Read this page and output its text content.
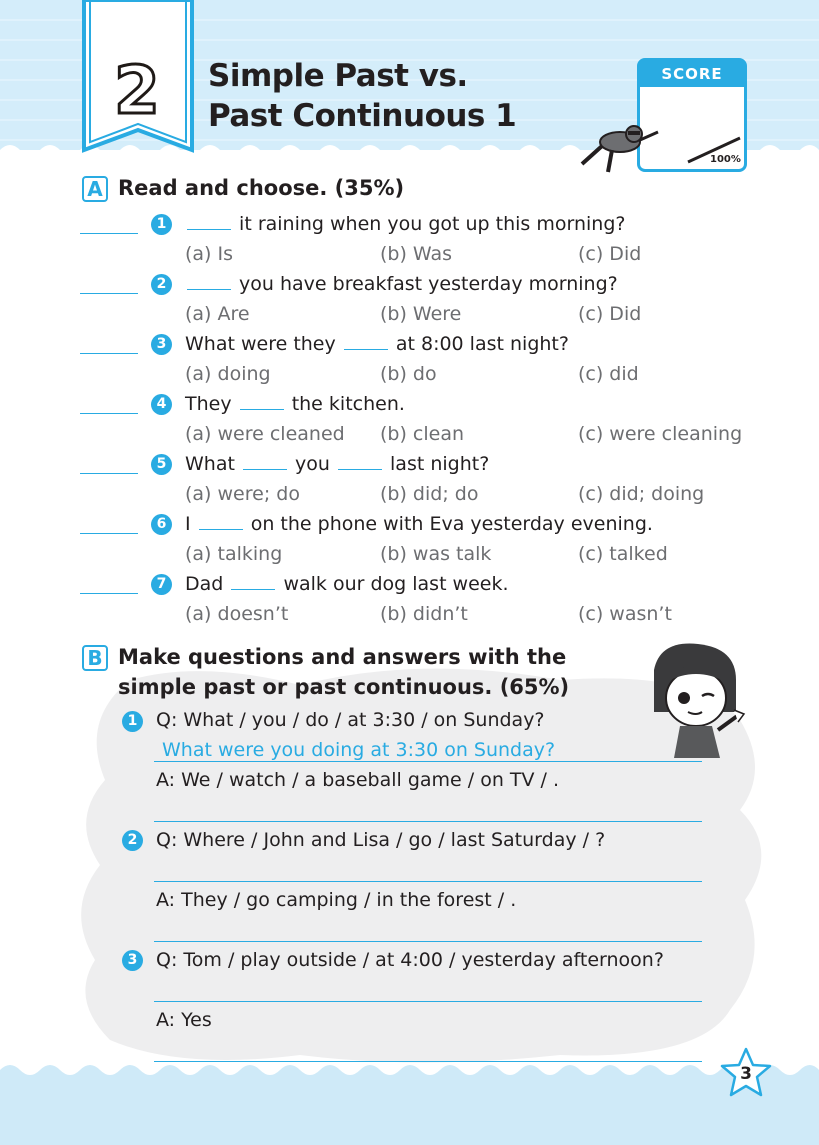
2	Simple Past vs.
Past Continuous 1
SCORE
100%
A Read and choose. (35%)
1	it raining when you got up this morning?
(a) Is	(b) Was	(c) Did
2	you have breakfast yesterday morning?
(a) Are	(b) Were	(c) Did
3 What were they	at 8:00 last night?
(a) doing	(b) do	(c) did
4 They	the kitchen.
(a) were cleaned (b) clean	(c) were cleaning
5 What	you	last night?
(a) were; do	(b) did; do	(c) did; doing
6 I	on the phone with Eva yesterday evening.
(a) talking	(b) was talk	(c) talked
7 Dad	walk our dog last week.
(a) doesn’t	(b) didn’t	(c) wasn’t
B Make questions and answers with the
simple past or past continuous. (65%)
1 Q: What / you / do / at 3:30 / on Sunday?
What were you doing at 3:30 on Sunday?
A: We / watch / a baseball game / on TV / .
2 Q: Where / John and Lisa / go / last Saturday / ?
A: They / go camping / in the forest / .
3 Q: Tom / play outside / at 4:00 / yesterday afternoon?
A: Yes
3
